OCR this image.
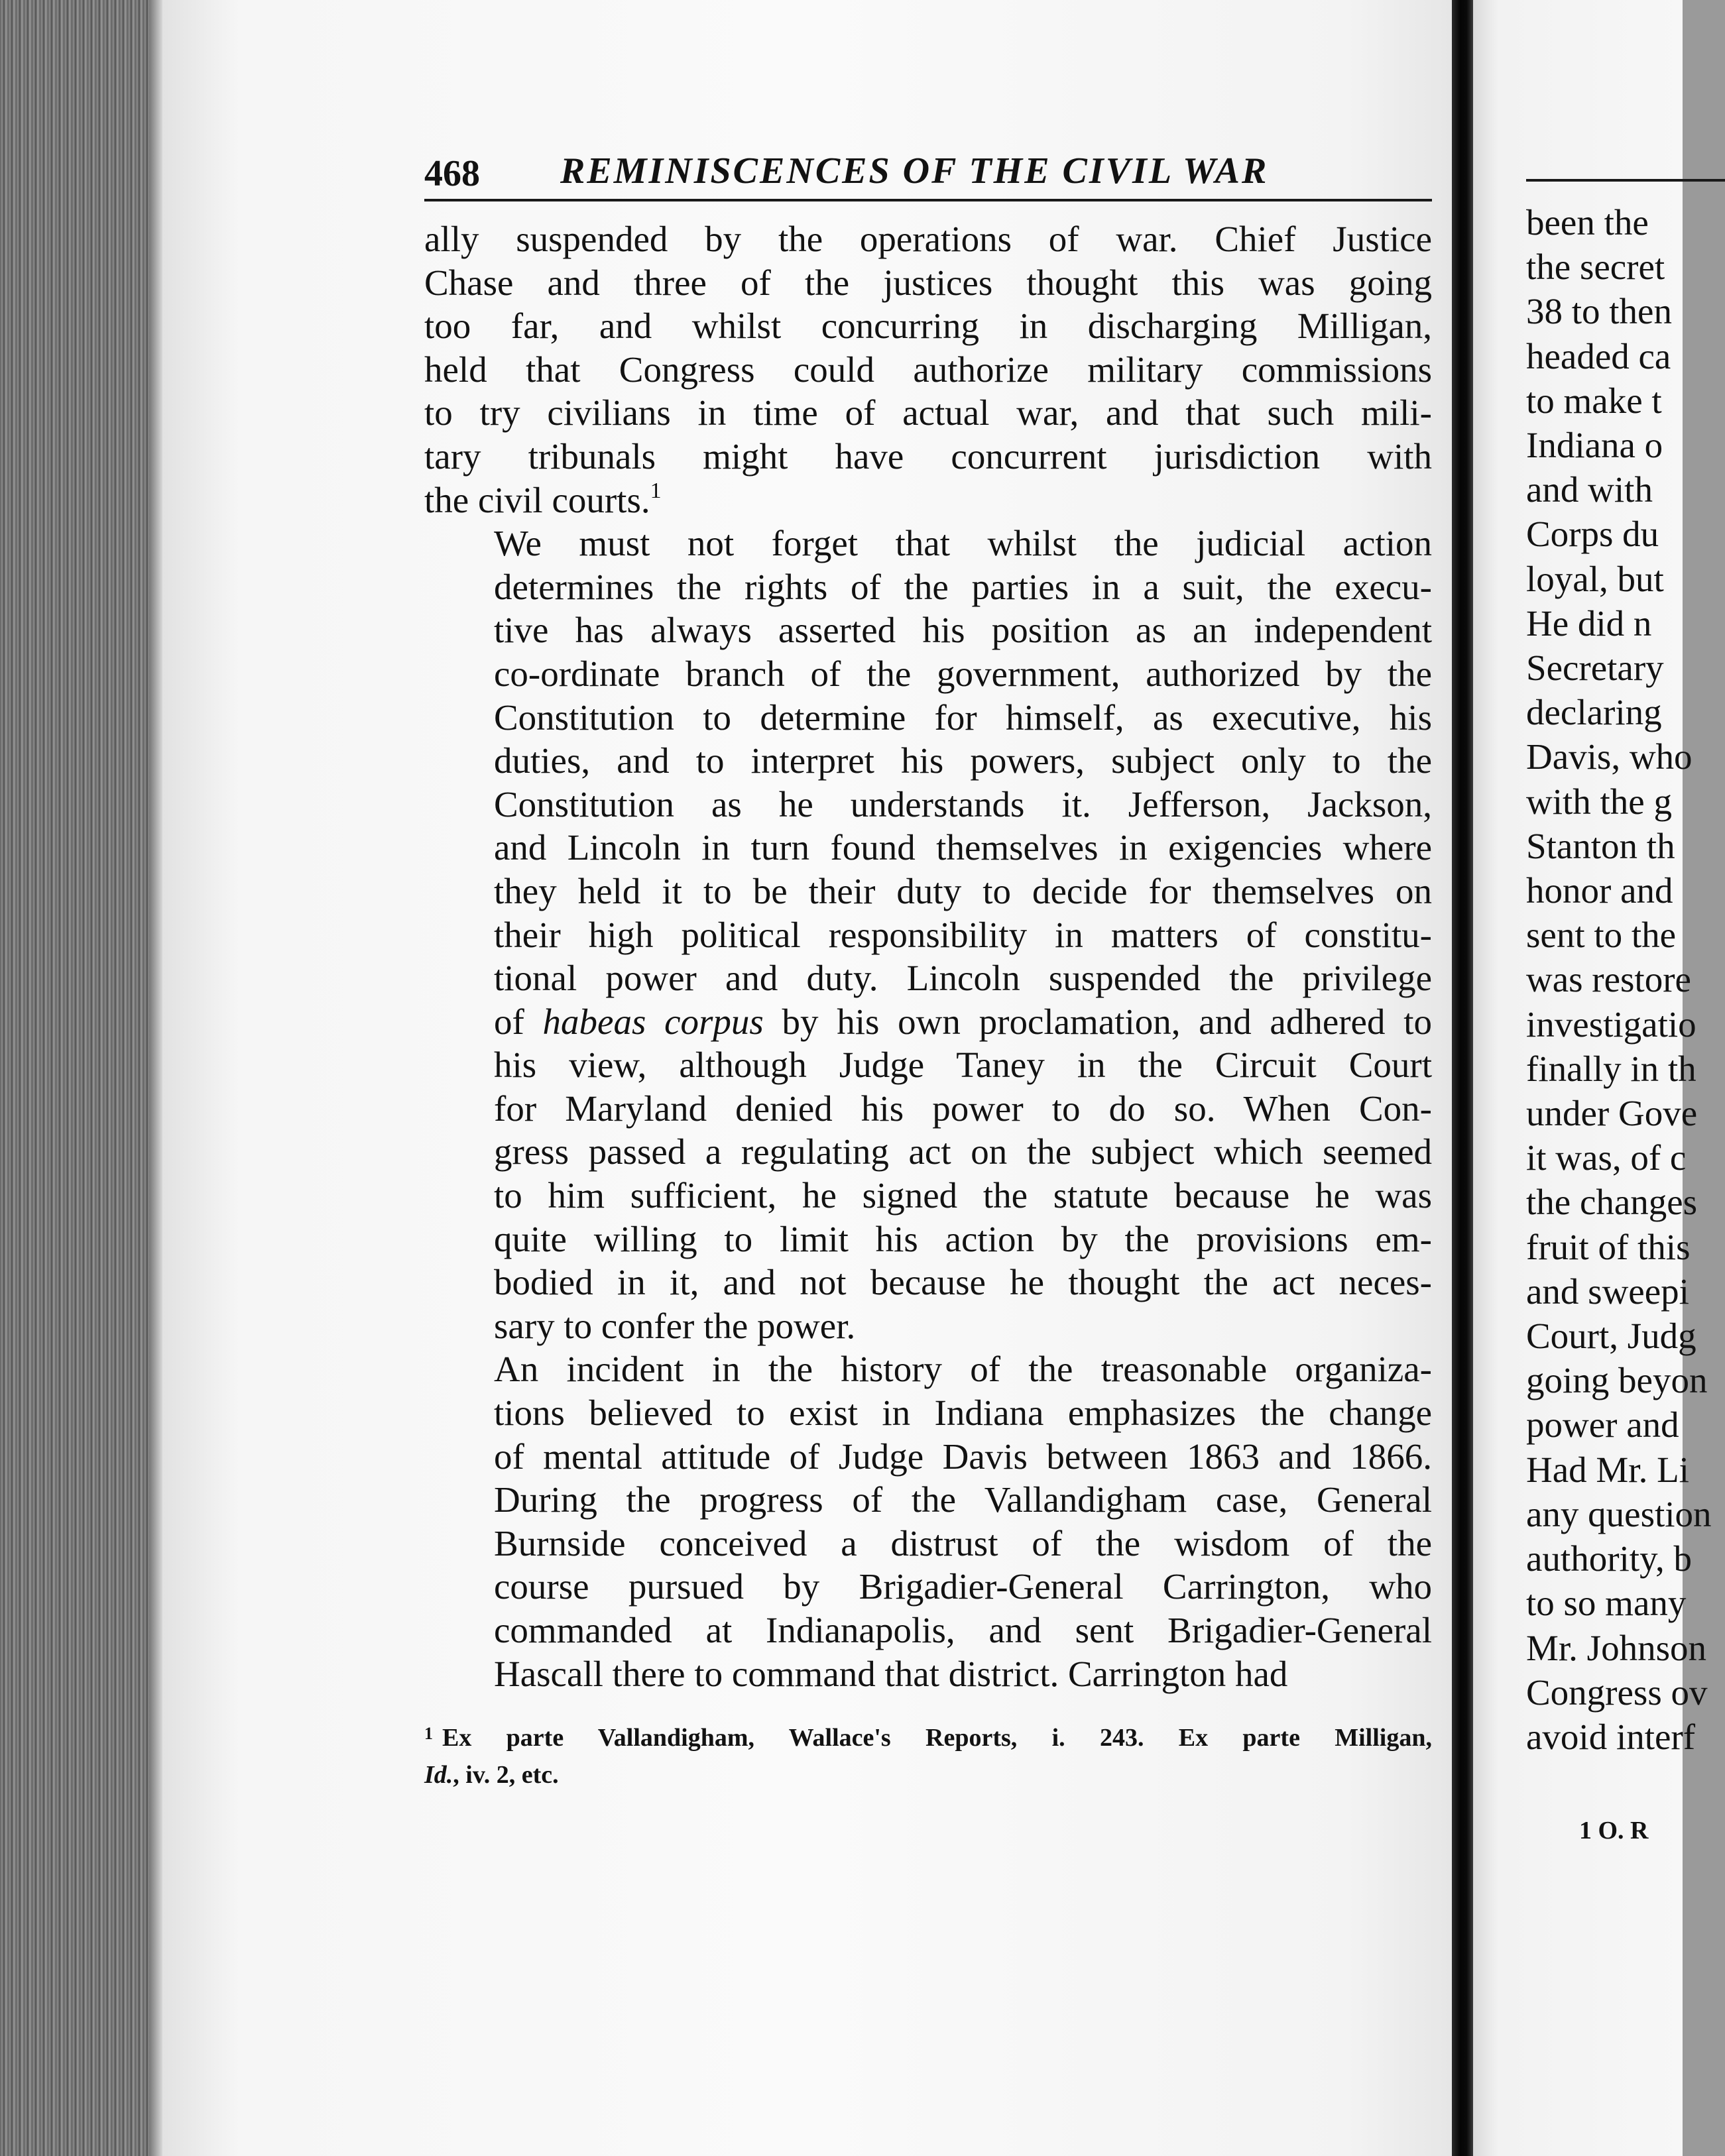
468 REMINISCENCES OF THE CIVIL WAR

ally suspended by the operations of war. Chief Justice
Chase and three of the justices thought this was going
too far, and whilst concurring in discharging Milligan,
held that Congress could authorize military commissions
to try civilians in time of actual war, and that such mili-
tary tribunals might have concurrent jurisdiction with
the civil courts.$^1$

We must not forget that whilst the judicial action
determines the rights of the parties in a suit, the execu-
tive has always asserted his position as an independent
co-ordinate branch of the government, authorized by the
Constitution to determine for himself, as executive, his
duties, and to interpret his powers, subject only to the
Constitution as he understands it. Jefferson, Jackson,
and Lincoln in turn found themselves in exigencies where
they held it to be their duty to decide for themselves on
their high political responsibility in matters of constitu-
tional power and duty. Lincoln suspended the privilege
of habeas corpus by his own proclamation, and adhered to
his view, although Judge Taney in the Circuit Court
for Maryland denied his power to do so. When Con-
gress passed a regulating act on the subject which seemed
to him sufficient, he signed the statute because he was
quite willing to limit his action by the provisions em-
bodied in it, and not because he thought the act neces-
sary to confer the power.

An incident in the history of the treasonable organiza-
tions believed to exist in Indiana emphasizes the change
of mental attitude of Judge Davis between 1863 and 1866.
During the progress of the Vallandigham case, General
Burnside conceived a distrust of the wisdom of the
course pursued by Brigadier-General Carrington, who
commanded at Indianapolis, and sent Brigadier-General
Hascall there to command that district. Carrington had

$^1$ Ex parte Vallandigham, Wallace's Reports, i. 243. Ex parte Milligan,
Id., iv. 2, etc.
been the
the secret
38 to then
headed ca
to make t
Indiana o
and with
Corps du
loyal, but
He did n
Secretary
declaring
Davis, who
with the g
Stanton th
honor and
sent to the
was restore
investigatio
finally in th
under Gove
it was, of c
the changes
fruit of this
and sweepi
Court, Judg
going beyon
power and
Had Mr. Li
any question
authority, b
to so many
Mr. Johnson
Congress ov
avoid interf
1 O. R
